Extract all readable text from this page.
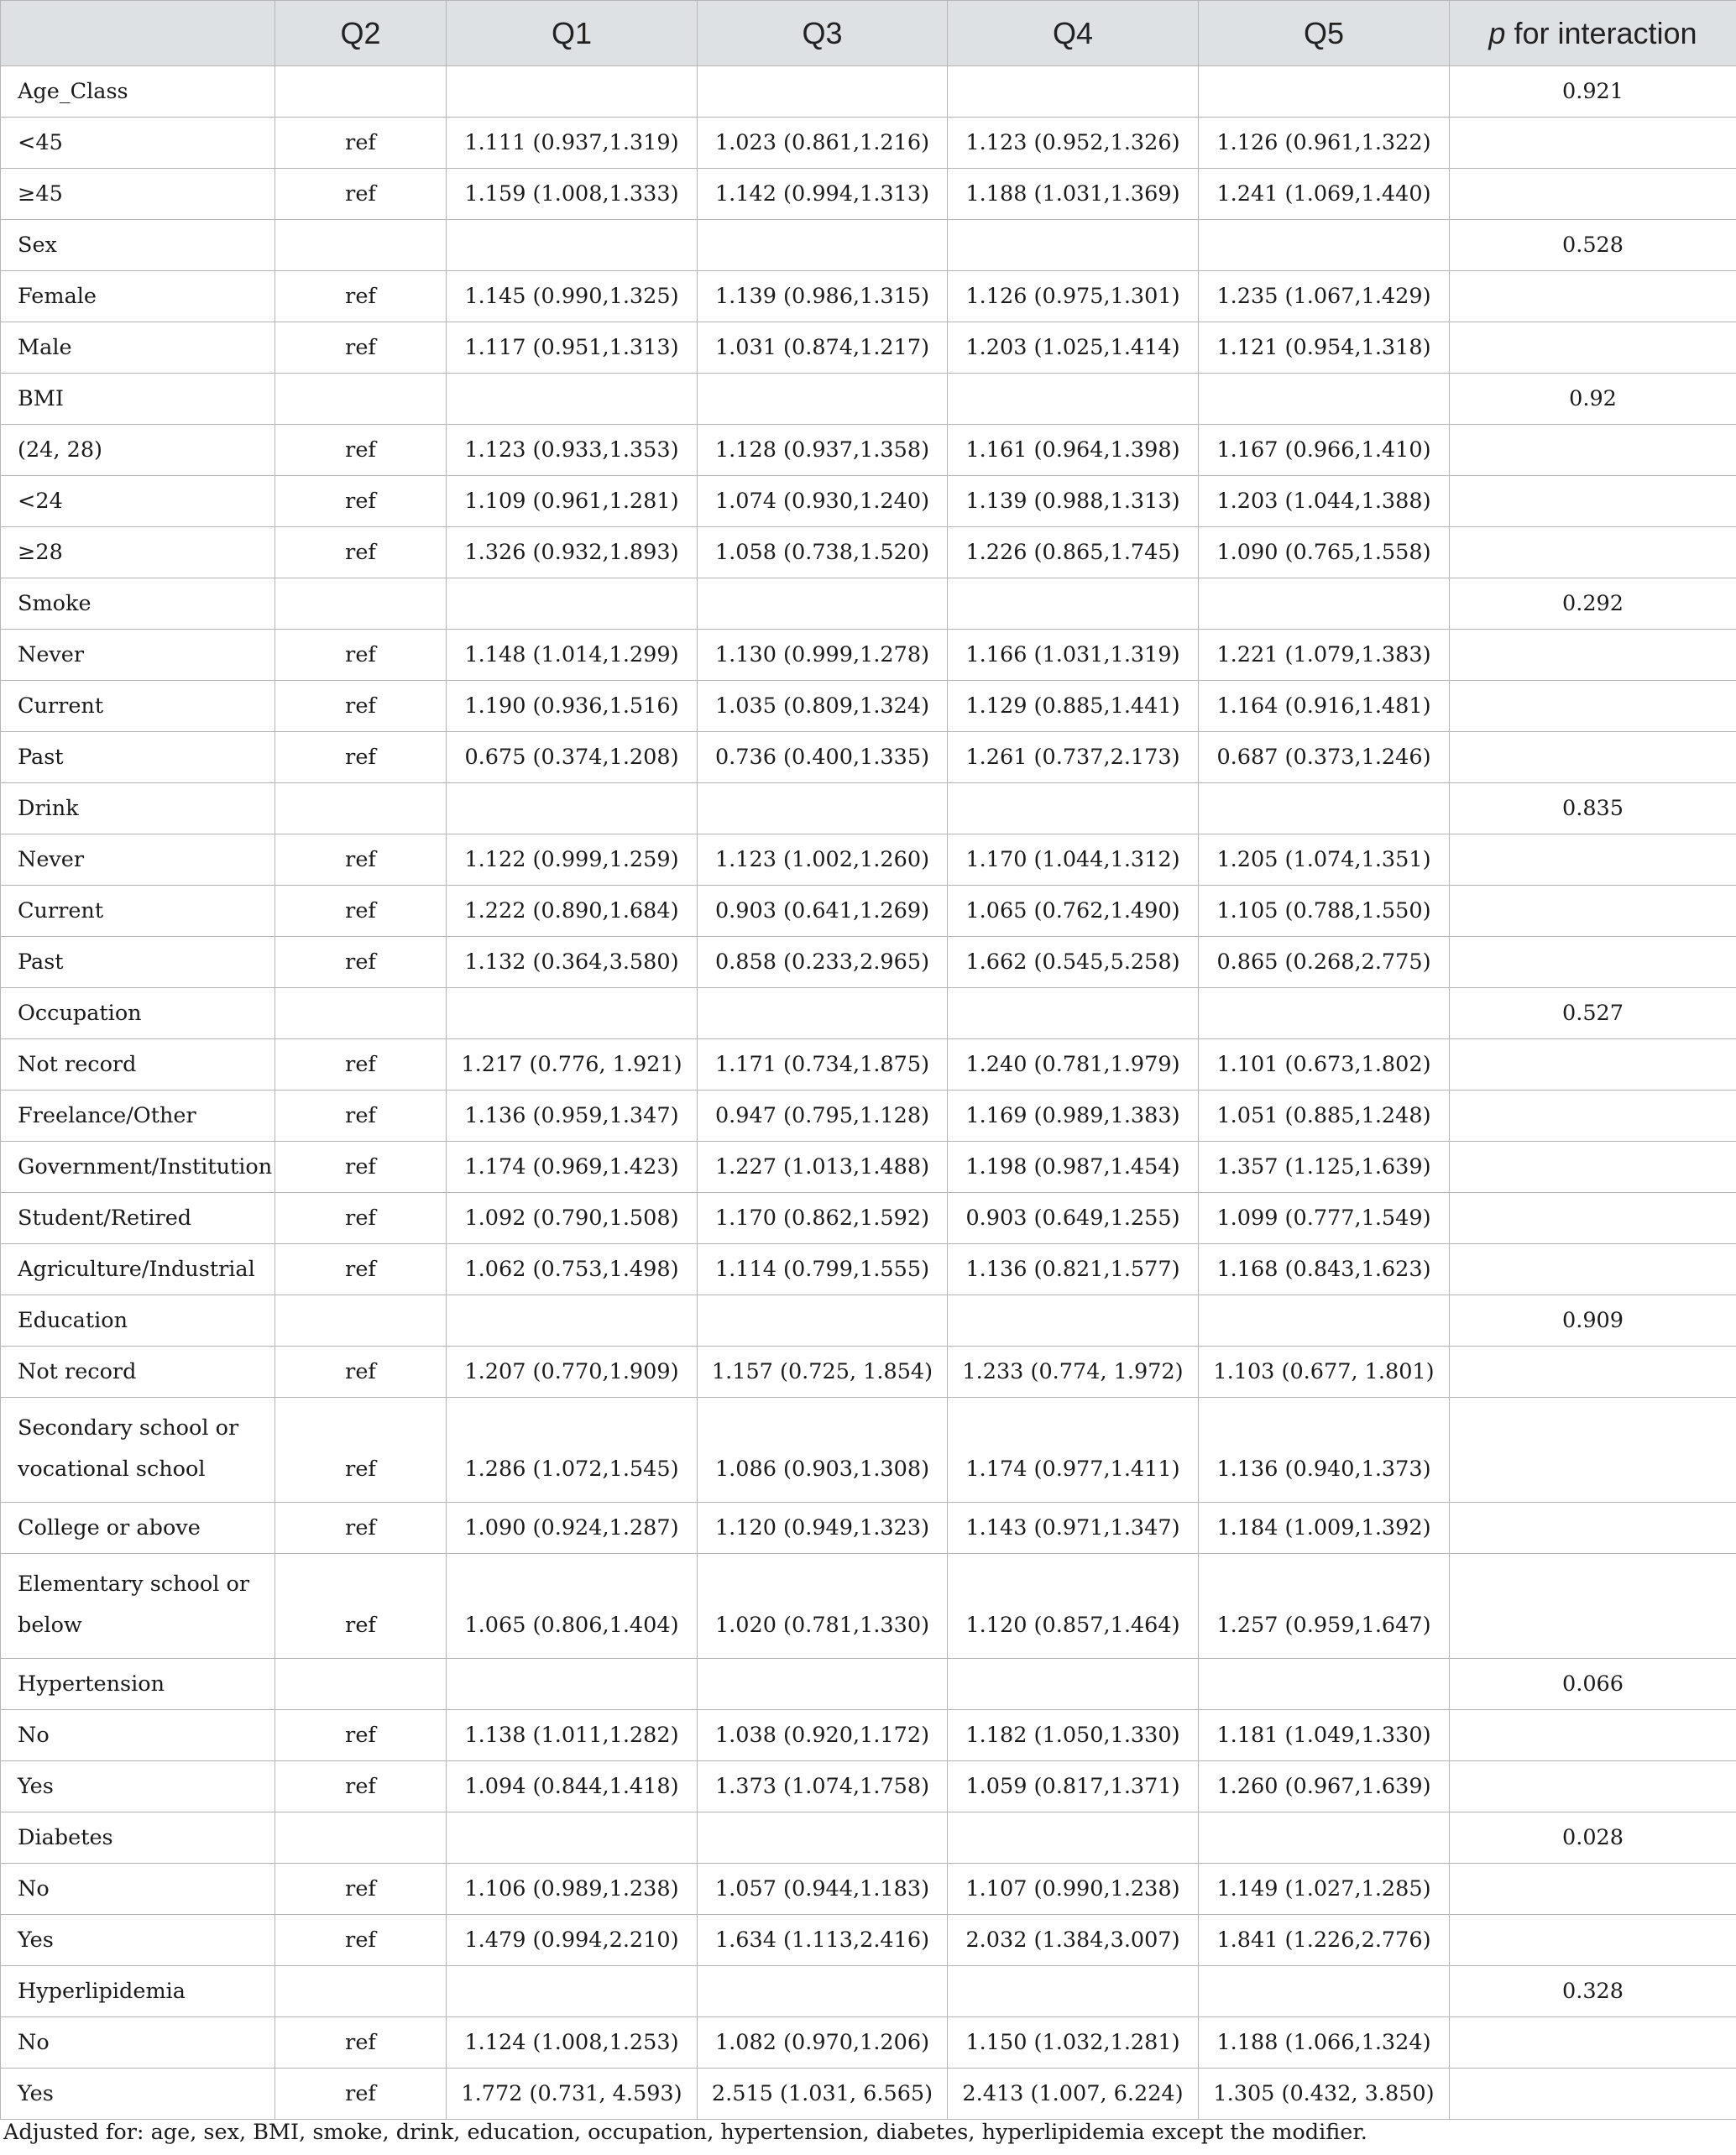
	Q2	Q1	Q3	Q4	Q5	p for interaction
Age_Class						0.921
<45	ref	1.111 (0.937,1.319)	1.023 (0.861,1.216)	1.123 (0.952,1.326)	1.126 (0.961,1.322)	
≥45	ref	1.159 (1.008,1.333)	1.142 (0.994,1.313)	1.188 (1.031,1.369)	1.241 (1.069,1.440)	
Sex						0.528
Female	ref	1.145 (0.990,1.325)	1.139 (0.986,1.315)	1.126 (0.975,1.301)	1.235 (1.067,1.429)	
Male	ref	1.117 (0.951,1.313)	1.031 (0.874,1.217)	1.203 (1.025,1.414)	1.121 (0.954,1.318)	
BMI						0.92
(24, 28)	ref	1.123 (0.933,1.353)	1.128 (0.937,1.358)	1.161 (0.964,1.398)	1.167 (0.966,1.410)	
<24	ref	1.109 (0.961,1.281)	1.074 (0.930,1.240)	1.139 (0.988,1.313)	1.203 (1.044,1.388)	
≥28	ref	1.326 (0.932,1.893)	1.058 (0.738,1.520)	1.226 (0.865,1.745)	1.090 (0.765,1.558)	
Smoke						0.292
Never	ref	1.148 (1.014,1.299)	1.130 (0.999,1.278)	1.166 (1.031,1.319)	1.221 (1.079,1.383)	
Current	ref	1.190 (0.936,1.516)	1.035 (0.809,1.324)	1.129 (0.885,1.441)	1.164 (0.916,1.481)	
Past	ref	0.675 (0.374,1.208)	0.736 (0.400,1.335)	1.261 (0.737,2.173)	0.687 (0.373,1.246)	
Drink						0.835
Never	ref	1.122 (0.999,1.259)	1.123 (1.002,1.260)	1.170 (1.044,1.312)	1.205 (1.074,1.351)	
Current	ref	1.222 (0.890,1.684)	0.903 (0.641,1.269)	1.065 (0.762,1.490)	1.105 (0.788,1.550)	
Past	ref	1.132 (0.364,3.580)	0.858 (0.233,2.965)	1.662 (0.545,5.258)	0.865 (0.268,2.775)	
Occupation						0.527
Not record	ref	1.217 (0.776, 1.921)	1.171 (0.734,1.875)	1.240 (0.781,1.979)	1.101 (0.673,1.802)	
Freelance/Other	ref	1.136 (0.959,1.347)	0.947 (0.795,1.128)	1.169 (0.989,1.383)	1.051 (0.885,1.248)	
Government/Institution	ref	1.174 (0.969,1.423)	1.227 (1.013,1.488)	1.198 (0.987,1.454)	1.357 (1.125,1.639)	
Student/Retired	ref	1.092 (0.790,1.508)	1.170 (0.862,1.592)	0.903 (0.649,1.255)	1.099 (0.777,1.549)	
Agriculture/Industrial	ref	1.062 (0.753,1.498)	1.114 (0.799,1.555)	1.136 (0.821,1.577)	1.168 (0.843,1.623)	
Education						0.909
Not record	ref	1.207 (0.770,1.909)	1.157 (0.725, 1.854)	1.233 (0.774, 1.972)	1.103 (0.677, 1.801)	

Secondary school or
vocational school	ref	1.286 (1.072,1.545)	1.086 (0.903,1.308)	1.174 (0.977,1.411)	1.136 (0.940,1.373)	
College or above	ref	1.090 (0.924,1.287)	1.120 (0.949,1.323)	1.143 (0.971,1.347)	1.184 (1.009,1.392)	

Elementary school or
below	ref	1.065 (0.806,1.404)	1.020 (0.781,1.330)	1.120 (0.857,1.464)	1.257 (0.959,1.647)	
Hypertension						0.066
No	ref	1.138 (1.011,1.282)	1.038 (0.920,1.172)	1.182 (1.050,1.330)	1.181 (1.049,1.330)	
Yes	ref	1.094 (0.844,1.418)	1.373 (1.074,1.758)	1.059 (0.817,1.371)	1.260 (0.967,1.639)	
Diabetes						0.028
No	ref	1.106 (0.989,1.238)	1.057 (0.944,1.183)	1.107 (0.990,1.238)	1.149 (1.027,1.285)	
Yes	ref	1.479 (0.994,2.210)	1.634 (1.113,2.416)	2.032 (1.384,3.007)	1.841 (1.226,2.776)	
Hyperlipidemia						0.328
No	ref	1.124 (1.008,1.253)	1.082 (0.970,1.206)	1.150 (1.032,1.281)	1.188 (1.066,1.324)	
Yes	ref	1.772 (0.731, 4.593)	2.515 (1.031, 6.565)	2.413 (1.007, 6.224)	1.305 (0.432, 3.850)	
Adjusted for: age, sex, BMI, smoke, drink, education, occupation, hypertension, diabetes, hyperlipidemia except the modifier.
